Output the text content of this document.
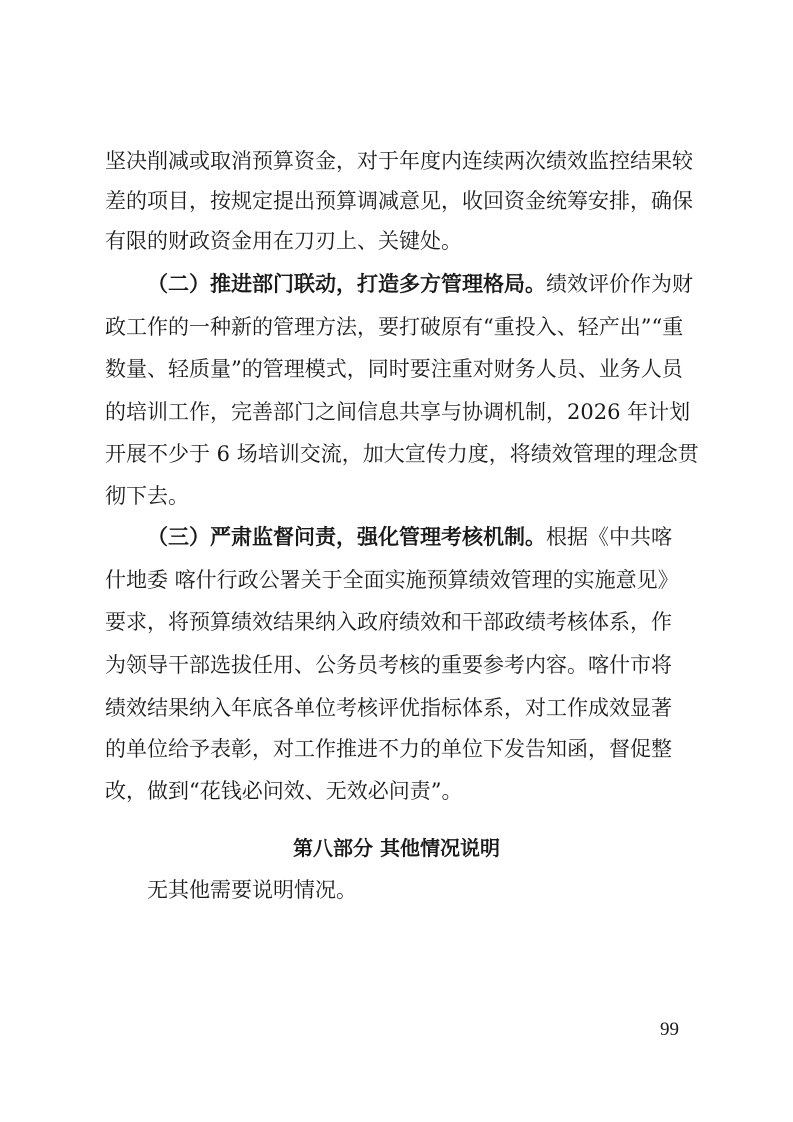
坚决削减或取消预算资金，对于年度内连续两次绩效监控结果较
差的项目，按规定提出预算调减意见，收回资金统筹安排，确保
有限的财政资金用在刀刃上、关键处。
（二）推进部门联动，打造多方管理格局。绩效评价作为财
政工作的一种新的管理方法，要打破原有“重投入、轻产出”“重
数量、轻质量”的管理模式，同时要注重对财务人员、业务人员
的培训工作，完善部门之间信息共享与协调机制，2026 年计划
开展不少于 6 场培训交流，加大宣传力度，将绩效管理的理念贯
彻下去。
（三）严肃监督问责，强化管理考核机制。根据《中共喀
什地委 喀什行政公署关于全面实施预算绩效管理的实施意见》
要求，将预算绩效结果纳入政府绩效和干部政绩考核体系，作
为领导干部选拔任用、公务员考核的重要参考内容。喀什市将
绩效结果纳入年底各单位考核评优指标体系，对工作成效显著
的单位给予表彰，对工作推进不力的单位下发告知函，督促整
改，做到“花钱必问效、无效必问责”。
第八部分 其他情况说明
无其他需要说明情况。
99
